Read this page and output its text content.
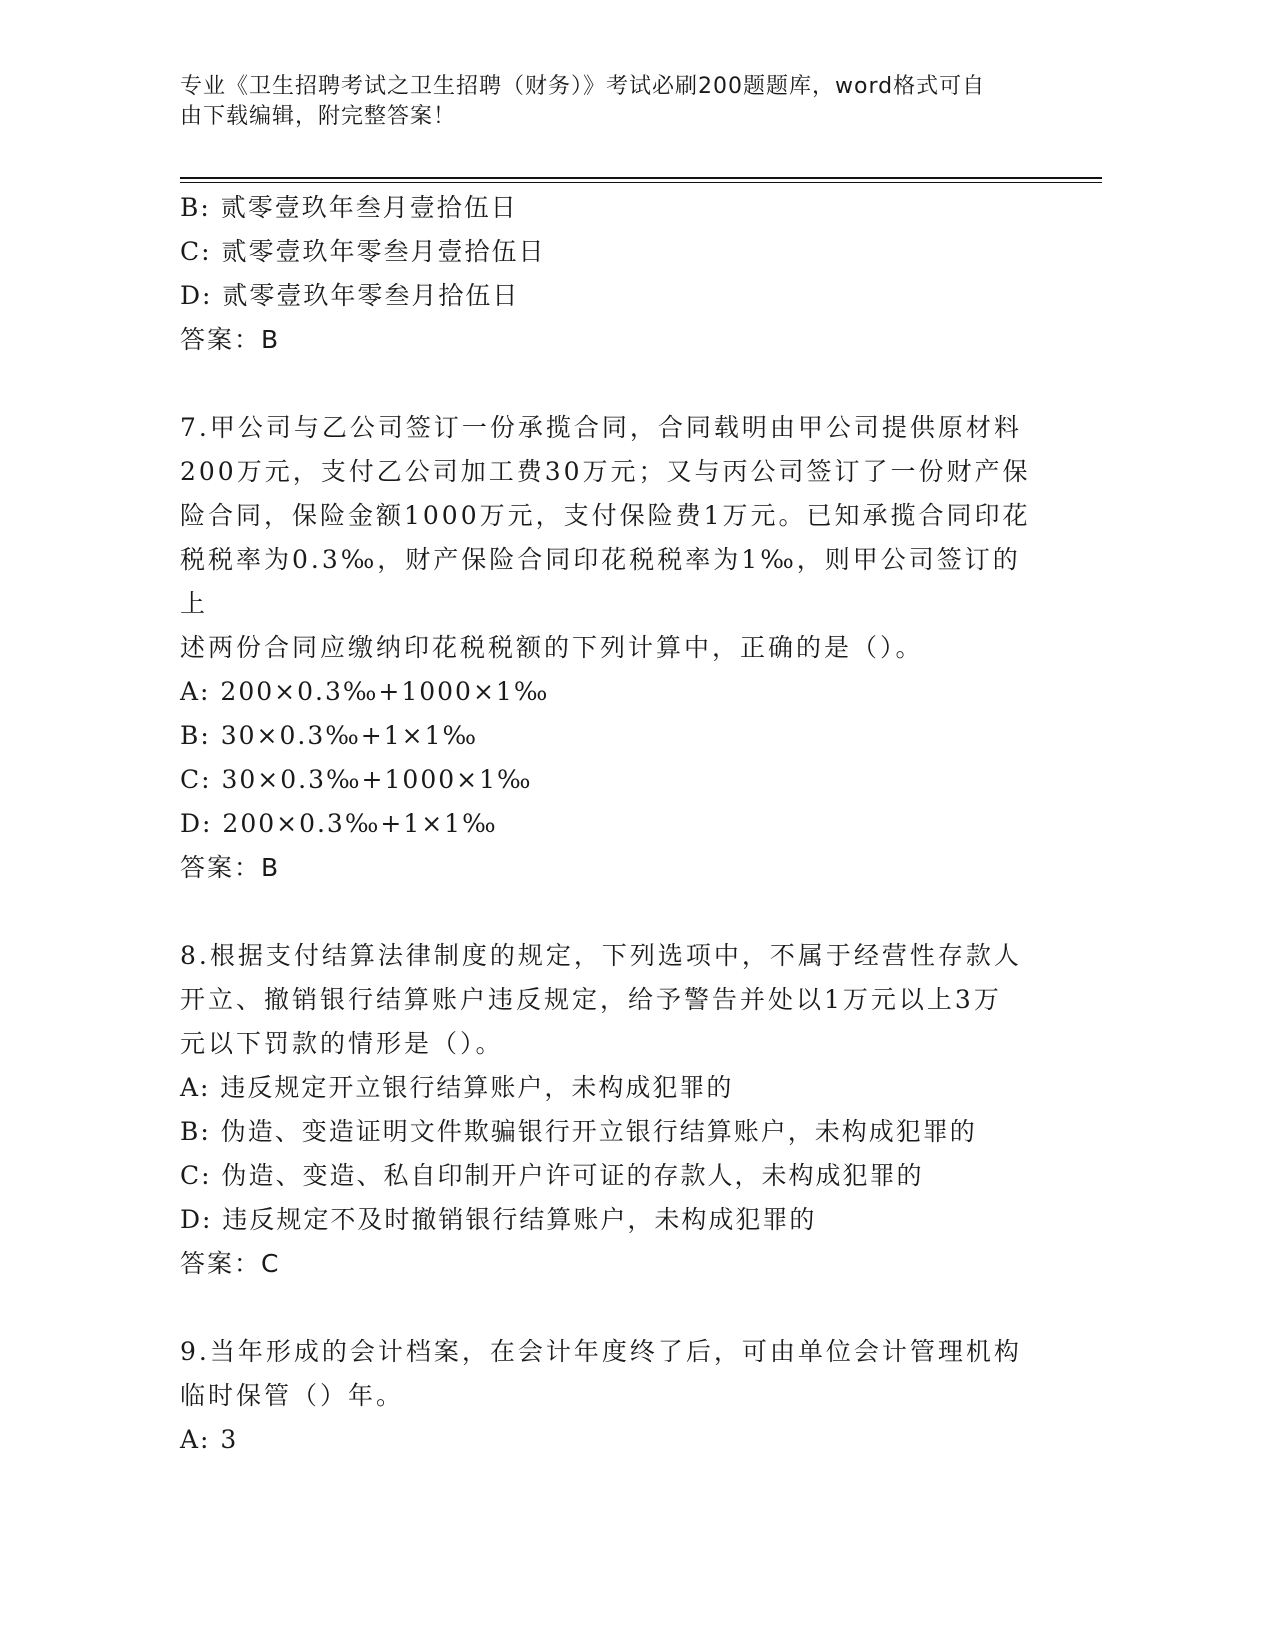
专业《卫生招聘考试之卫生招聘（财务）》考试必刷200题题库，word格式可自
由下载编辑，附完整答案！
B: 贰零壹玖年叁月壹拾伍日
C: 贰零壹玖年零叁月壹拾伍日
D: 贰零壹玖年零叁月拾伍日
答案：B
7.甲公司与乙公司签订一份承揽合同，合同载明由甲公司提供原材料
200万元，支付乙公司加工费30万元；又与丙公司签订了一份财产保
险合同，保险金额1000万元，支付保险费1万元。已知承揽合同印花
税税率为0.3‰，财产保险合同印花税税率为1‰，则甲公司签订的上
述两份合同应缴纳印花税税额的下列计算中，正确的是（）。
A: 200×0.3‰+1000×1‰
B: 30×0.3‰+1×1‰
C: 30×0.3‰+1000×1‰
D: 200×0.3‰+1×1‰
答案：B
8.根据支付结算法律制度的规定，下列选项中，不属于经营性存款人
开立、撤销银行结算账户违反规定，给予警告并处以1万元以上3万
元以下罚款的情形是（）。
A: 违反规定开立银行结算账户，未构成犯罪的
B: 伪造、变造证明文件欺骗银行开立银行结算账户，未构成犯罪的
C: 伪造、变造、私自印制开户许可证的存款人，未构成犯罪的
D: 违反规定不及时撤销银行结算账户，未构成犯罪的
答案：C
9.当年形成的会计档案，在会计年度终了后，可由单位会计管理机构
临时保管（）年。
A: 3
